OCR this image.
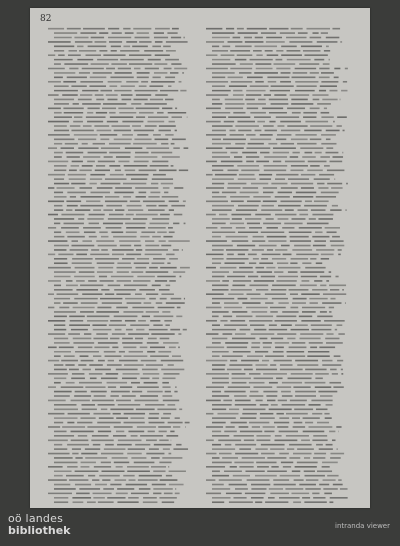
82
oö landes
bibliothek	intranda viewer
